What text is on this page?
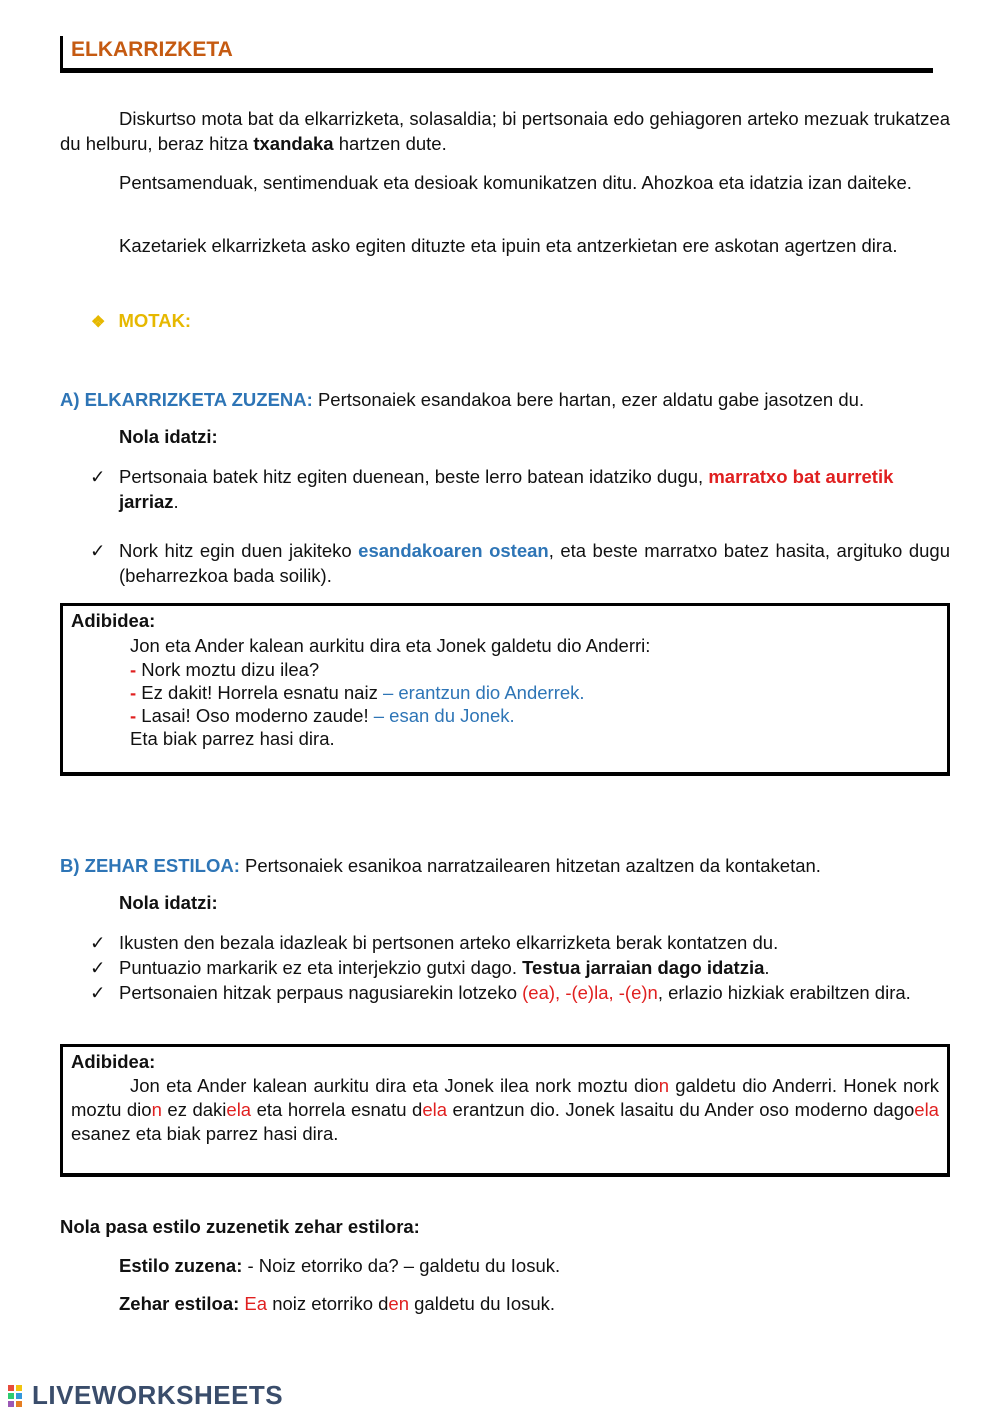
ELKARRIZKETA
Diskurtso mota bat da elkarrizketa, solasaldia; bi pertsonaia edo gehiagoren arteko mezuak trukatzea du helburu, beraz hitza txandaka hartzen dute.
Pentsamenduak, sentimenduak eta desioak komunikatzen ditu. Ahozkoa eta idatzia izan daiteke.
Kazetariek elkarrizketa asko egiten dituzte eta ipuin eta antzerkietan ere askotan agertzen dira.
❖ MOTAK:
A) ELKARRIZKETA ZUZENA: Pertsonaiek esandakoa bere hartan, ezer aldatu gabe jasotzen du.
Nola idatzi:
✓ Pertsonaia batek hitz egiten duenean, beste lerro batean idatziko dugu, marratxo bat aurretik
jarriaz.
✓ Nork hitz egin duen jakiteko esandakoaren ostean, eta beste marratxo batez hasita, argituko dugu (beharrezkoa bada soilik).
Adibidea:
Jon eta Ander kalean aurkitu dira eta Jonek galdetu dio Anderri:
- Nork moztu dizu ilea?
- Ez dakit! Horrela esnatu naiz – erantzun dio Anderrek.
- Lasai! Oso moderno zaude! – esan du Jonek.
Eta biak parrez hasi dira.
B) ZEHAR ESTILOA: Pertsonaiek esanikoa narratzailearen hitzetan azaltzen da kontaketan.
Nola idatzi:
✓ Ikusten den bezala idazleak bi pertsonen arteko elkarrizketa berak kontatzen du.
✓ Puntuazio markarik ez eta interjekzio gutxi dago. Testua jarraian dago idatzia.
✓ Pertsonaien hitzak perpaus nagusiarekin lotzeko (ea), -(e)la, -(e)n, erlazio hizkiak erabiltzen dira.
Adibidea:
Jon eta Ander kalean aurkitu dira eta Jonek ilea nork moztu dion galdetu dio Anderri. Honek nork moztu dion ez dakiela eta horrela esnatu dela erantzun dio. Jonek lasaitu du Ander oso moderno dagoela esanez eta biak parrez hasi dira.
Nola pasa estilo zuzenetik zehar estilora:
Estilo zuzena: - Noiz etorriko da? – galdetu du Iosuk.
Zehar estiloa: Ea noiz etorriko den galdetu du Iosuk.
LIVEWORKSHEETS
